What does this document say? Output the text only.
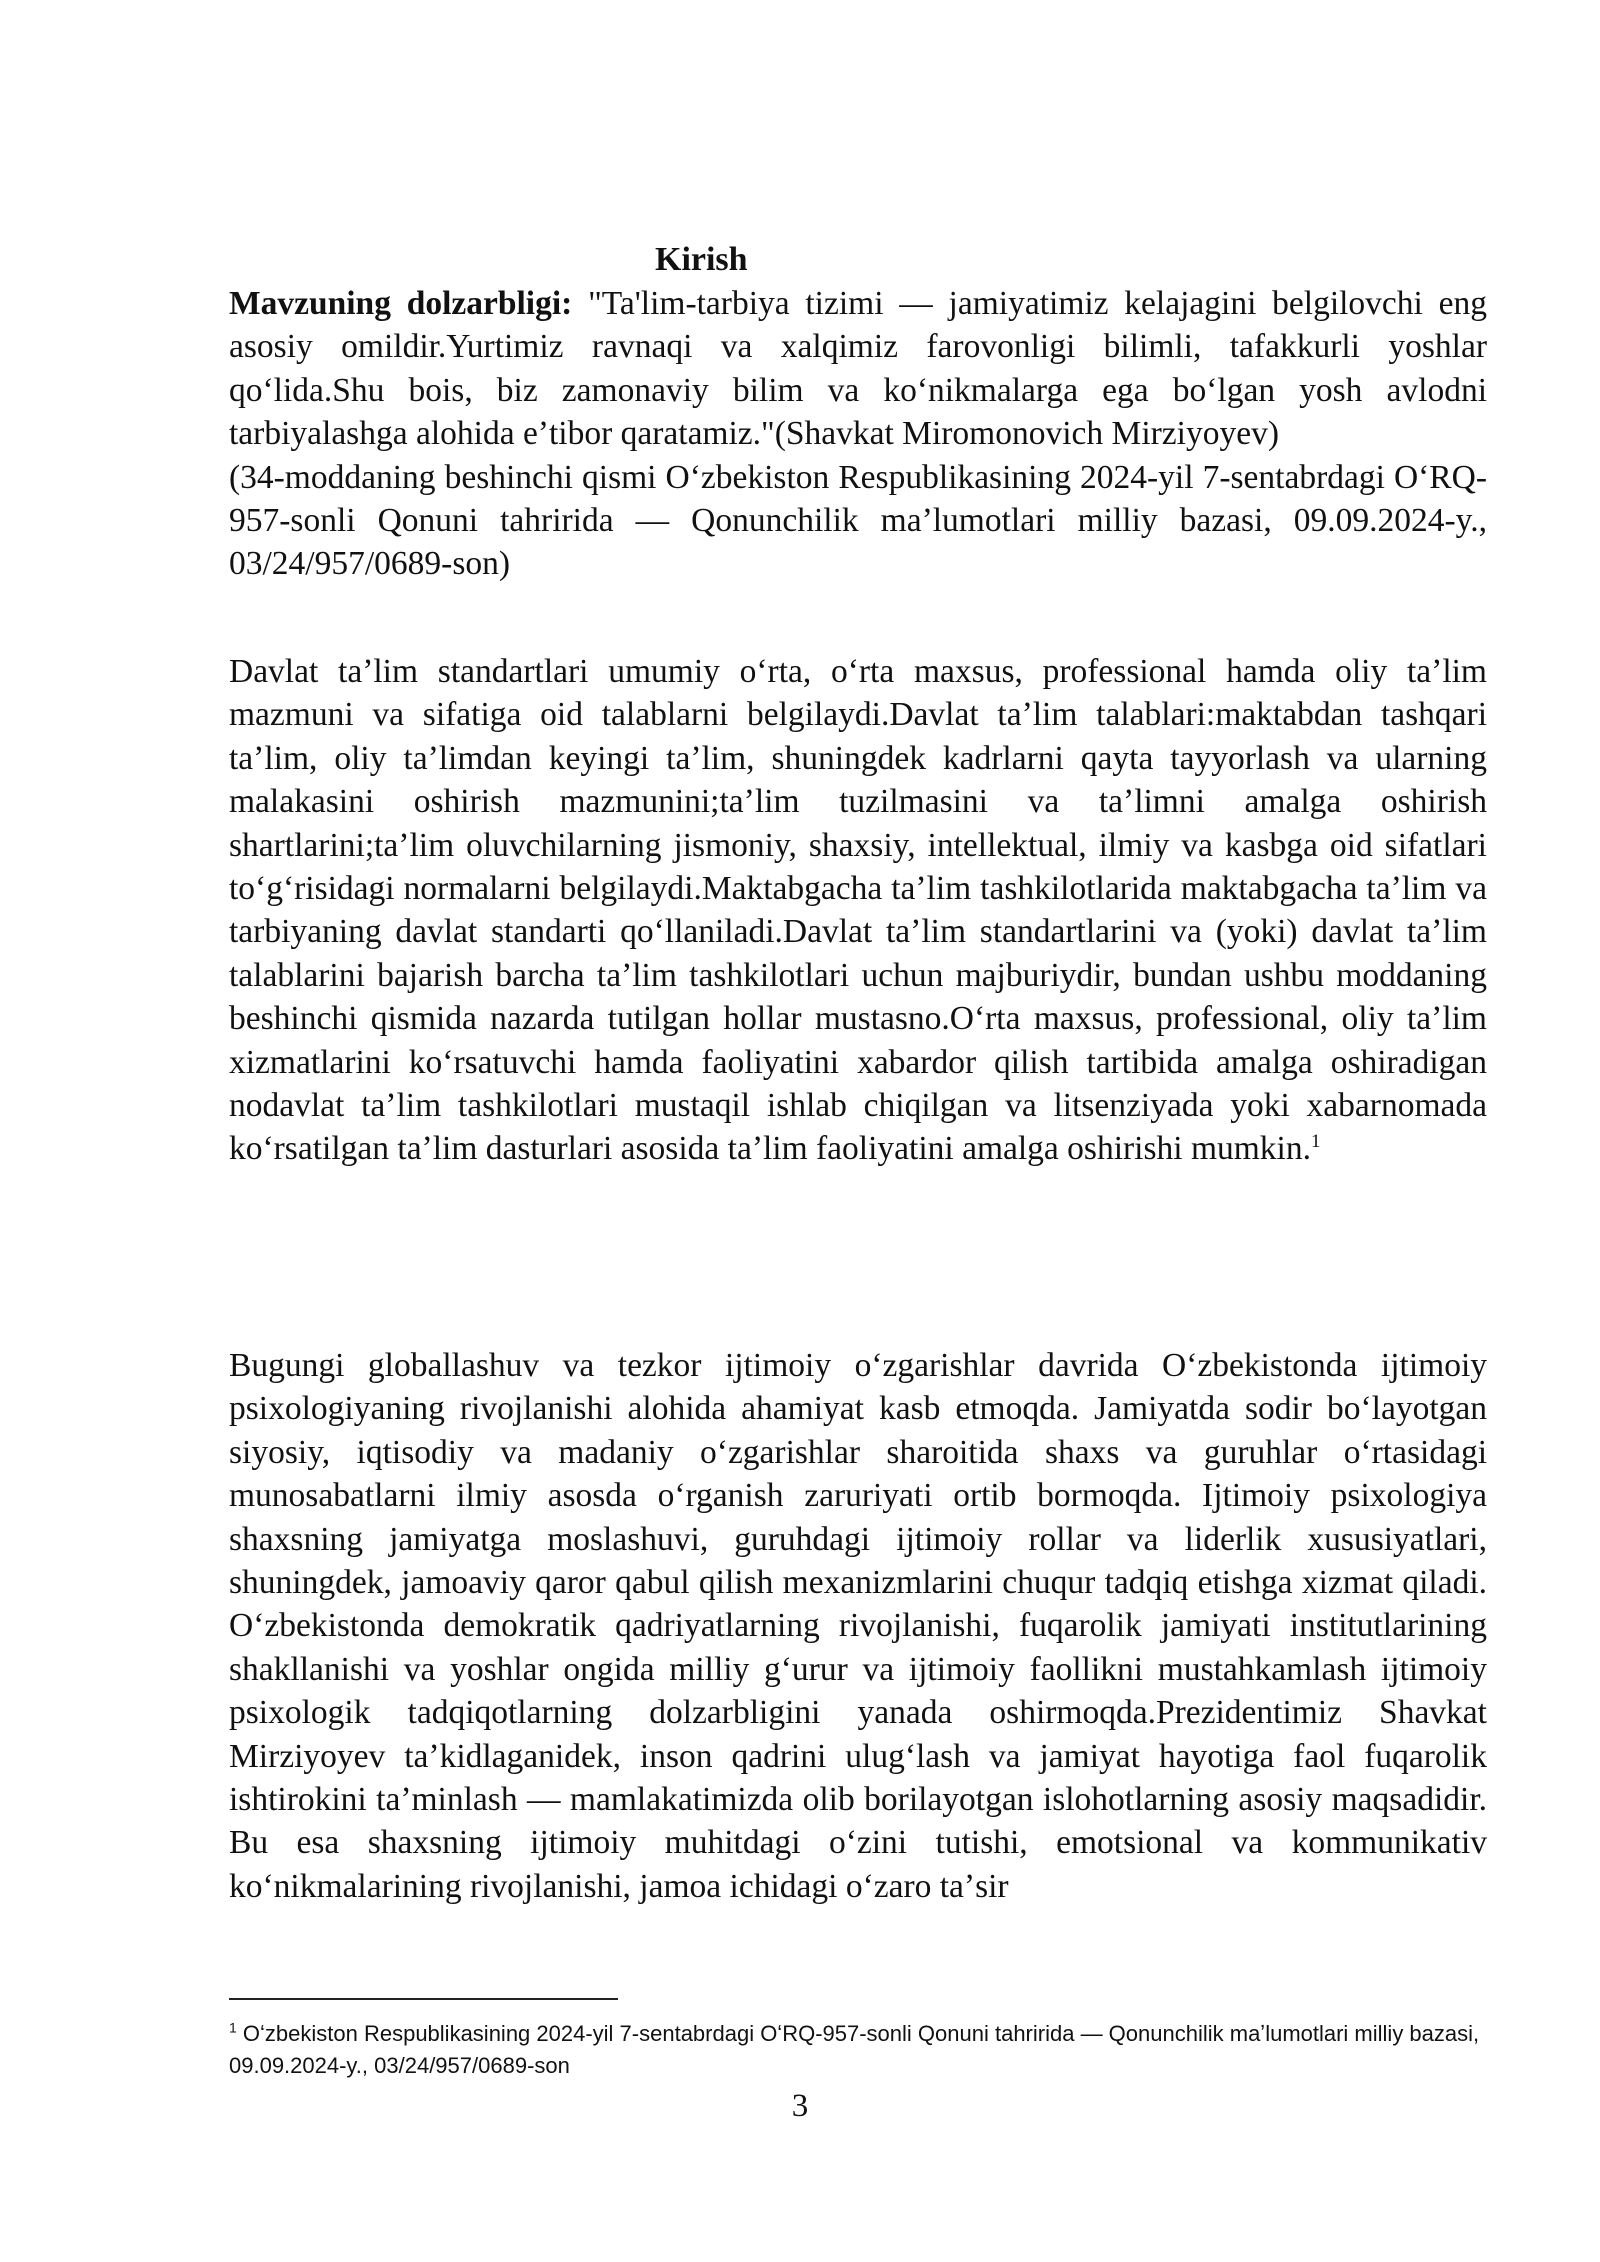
Kirish

Mavzuning dolzarbligi: "Ta'lim-tarbiya tizimi — jamiyatimiz kelajagini belgilovchi eng asosiy omildir.Yurtimiz ravnaqi va xalqimiz farovonligi bilimli, tafakkurli yoshlar qoʻlida.Shu bois, biz zamonaviy bilim va koʻnikmalarga ega boʻlgan yosh avlodni tarbiyalashga alohida eʼtibor qaratamiz."(Shavkat Miromonovich Mirziyoyev)
(34-moddaning beshinchi qismi Oʻzbekiston Respublikasining 2024-yil 7-sentabrdagi OʻRQ-957-sonli Qonuni tahririda — Qonunchilik maʼlumotlari milliy bazasi, 09.09.2024-y., 03/24/957/0689-son)

Davlat taʼlim standartlari umumiy oʻrta, oʻrta maxsus, professional hamda oliy taʼlim mazmuni va sifatiga oid talablarni belgilaydi.Davlat taʼlim talablari:maktabdan tashqari taʼlim, oliy taʼlimdan keyingi taʼlim, shuningdek kadrlarni qayta tayyorlash va ularning malakasini oshirish mazmunini;taʼlim tuzilmasini va taʼlimni amalga oshirish shartlarini;taʼlim oluvchilarning jismoniy, shaxsiy, intellektual, ilmiy va kasbga oid sifatlari toʻgʻrisidagi normalarni belgilaydi.Maktabgacha taʼlim tashkilotlarida maktabgacha taʼlim va tarbiyaning davlat standarti qoʻllaniladi.Davlat taʼlim standartlarini va (yoki) davlat taʼlim talablarini bajarish barcha taʼlim tashkilotlari uchun majburiydir, bundan ushbu moddaning beshinchi qismida nazarda tutilgan hollar mustasno.Oʻrta maxsus, professional, oliy taʼlim xizmatlarini koʻrsatuvchi hamda faoliyatini xabardor qilish tartibida amalga oshiradigan nodavlat taʼlim tashkilotlari mustaqil ishlab chiqilgan va litsenziyada yoki xabarnomada koʻrsatilgan taʼlim dasturlari asosida taʼlim faoliyatini amalga oshirishi mumkin.$^1$

Bugungi globallashuv va tezkor ijtimoiy oʻzgarishlar davrida Oʻzbekistonda ijtimoiy psixologiyaning rivojlanishi alohida ahamiyat kasb etmoqda. Jamiyatda sodir boʻlayotgan siyosiy, iqtisodiy va madaniy oʻzgarishlar sharoitida shaxs va guruhlar oʻrtasidagi munosabatlarni ilmiy asosda oʻrganish zaruriyati ortib bormoqda. Ijtimoiy psixologiya shaxsning jamiyatga moslashuvi, guruhdagi ijtimoiy rollar va liderlik xususiyatlari, shuningdek, jamoaviy qaror qabul qilish mexanizmlarini chuqur tadqiq etishga xizmat qiladi. Oʻzbekistonda demokratik qadriyatlarning rivojlanishi, fuqarolik jamiyati institutlarining shakllanishi va yoshlar ongida milliy gʻurur va ijtimoiy faollikni mustahkamlash ijtimoiy psixologik tadqiqotlarning dolzarbligini yanada oshirmoqda.Prezidentimiz Shavkat Mirziyoyev taʼkidlaganidek, inson qadrini ulugʻlash va jamiyat hayotiga faol fuqarolik ishtirokini taʼminlash — mamlakatimizda olib borilayotgan islohotlarning asosiy maqsadidir. Bu esa shaxsning ijtimoiy muhitdagi oʻzini tutishi, emotsional va kommunikativ koʻnikmalarining rivojlanishi, jamoa ichidagi oʻzaro taʼsir

$^1$ Oʻzbekiston Respublikasining 2024-yil 7-sentabrdagi OʻRQ-957-sonli Qonuni tahririda — Qonunchilik maʼlumotlari milliy bazasi, 09.09.2024-y., 03/24/957/0689-son

3
